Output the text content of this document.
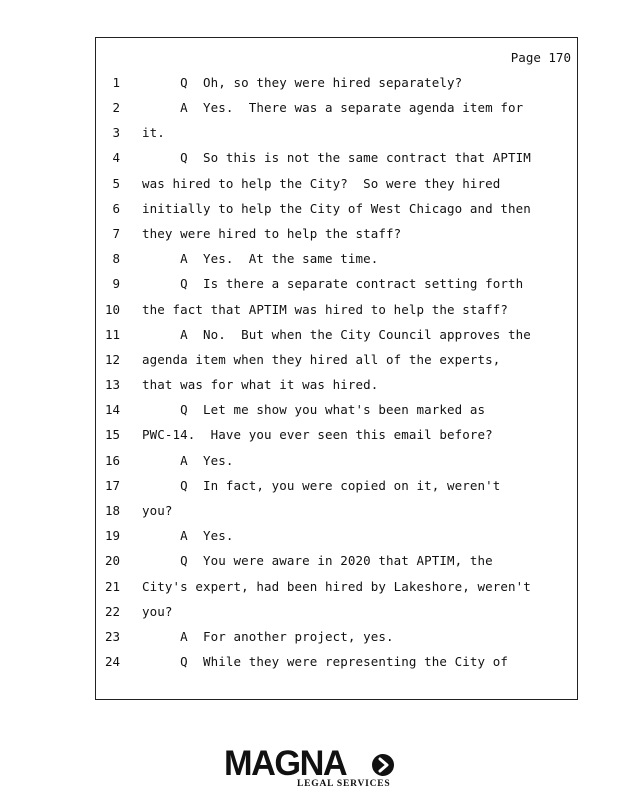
Page 170
1 Q  Oh, so they were hired separately?
2 A  Yes.  There was a separate agenda item for
3 it.
4 Q  So this is not the same contract that APTIM
5 was hired to help the City?  So were they hired
6 initially to help the City of West Chicago and then
7 they were hired to help the staff?
8 A  Yes.  At the same time.
9 Q  Is there a separate contract setting forth
10 the fact that APTIM was hired to help the staff?
11 A  No.  But when the City Council approves the
12 agenda item when they hired all of the experts,
13 that was for what it was hired.
14 Q  Let me show you what's been marked as
15 PWC-14.  Have you ever seen this email before?
16 A  Yes.
17 Q  In fact, you were copied on it, weren't
18 you?
19 A  Yes.
20 Q  You were aware in 2020 that APTIM, the
21 City's expert, had been hired by Lakeshore, weren't
22 you?
23 A  For another project, yes.
24 Q  While they were representing the City of
MAGNA
LEGAL SERVICES
